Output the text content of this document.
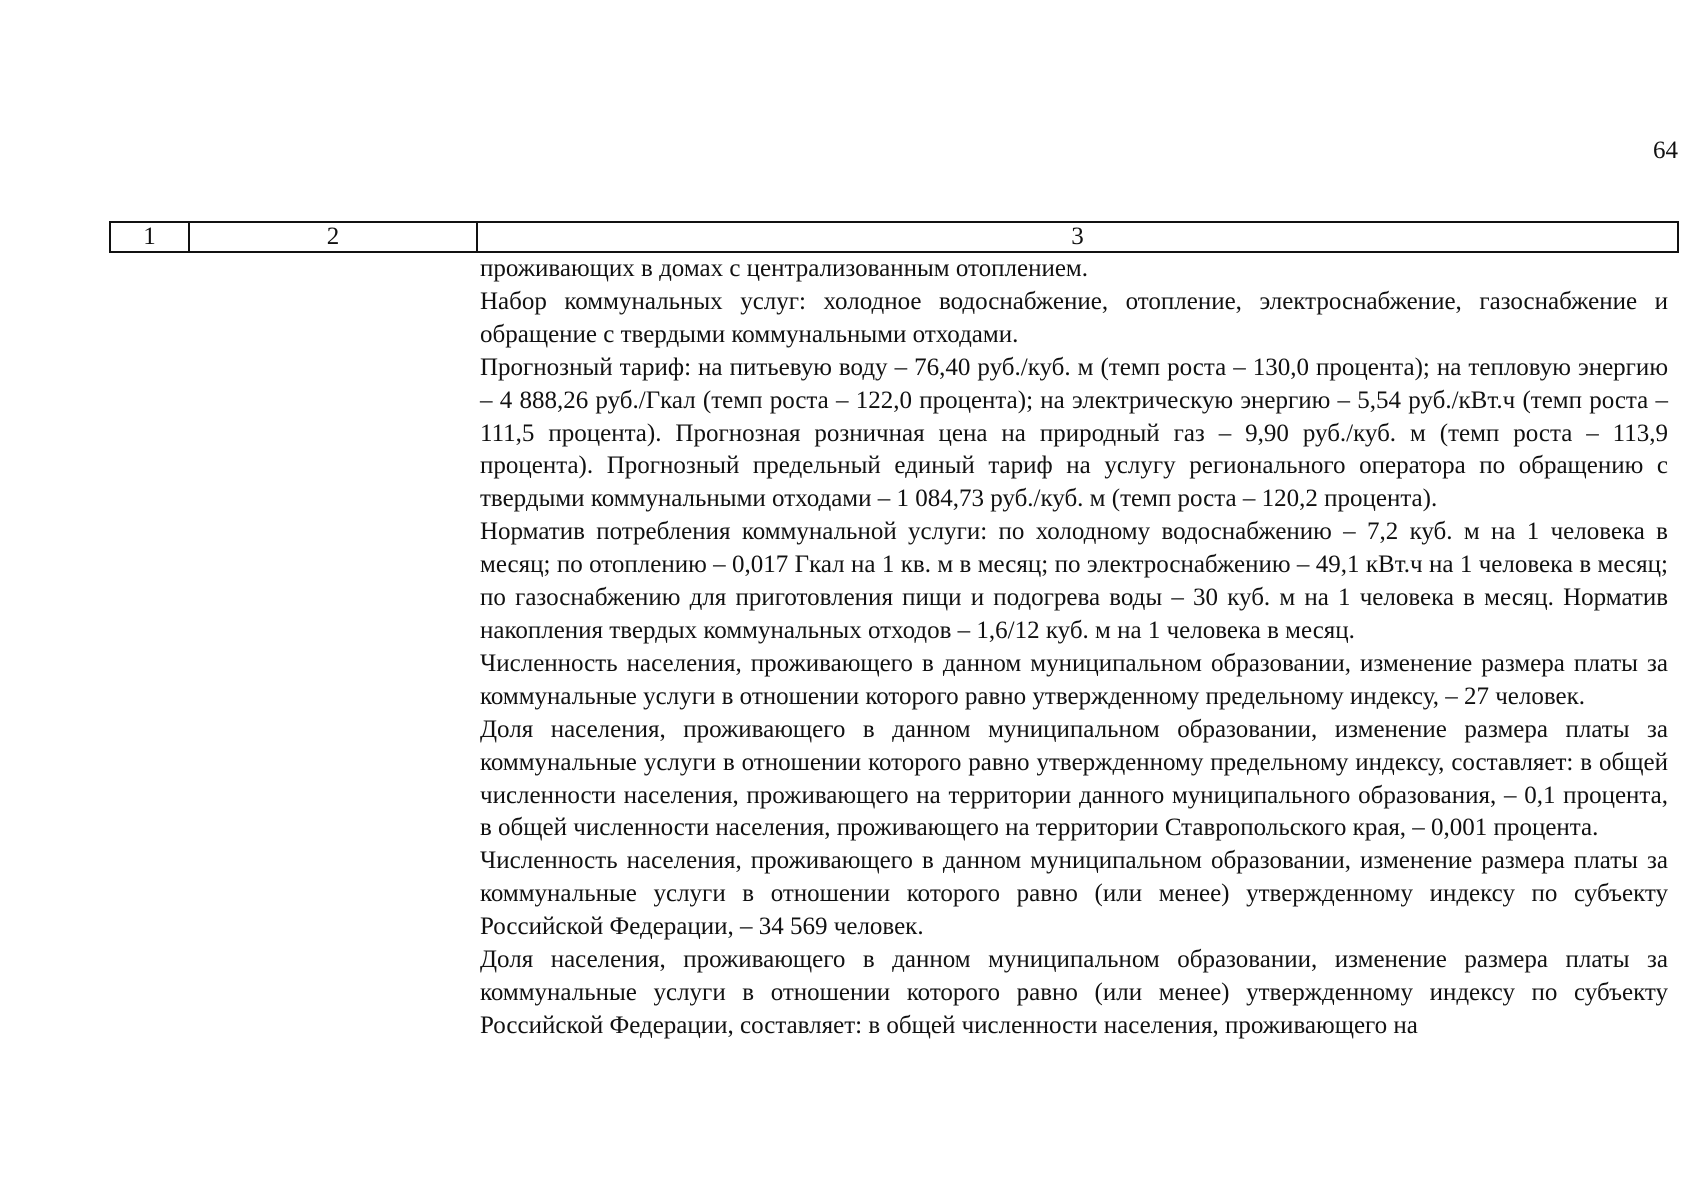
64
1	2	3

проживающих в домах с централизованным отоплением.

Набор коммунальных услуг: холодное водоснабжение, отопление, электроснабжение, газоснабжение и обращение с твердыми коммунальными отходами.

Прогнозный тариф: на питьевую воду – 76,40 руб./куб. м (темп роста – 130,0 процента); на тепловую энергию – 4 888,26 руб./Гкал (темп роста – 122,0 процента); на электрическую энергию – 5,54 руб./кВт.ч (темп роста – 111,5 процента). Прогнозная розничная цена на природный газ – 9,90 руб./куб. м (темп роста – 113,9 процента). Прогнозный предельный единый тариф на услугу регионального оператора по обращению с твердыми коммунальными отходами – 1 084,73 руб./куб. м (темп роста – 120,2 процента).

Норматив потребления коммунальной услуги: по холодному водоснабжению – 7,2 куб. м на 1 человека в месяц; по отоплению – 0,017 Гкал на 1 кв. м в месяц; по электроснабжению – 49,1 кВт.ч на 1 человека в месяц; по газоснабжению для приготовления пищи и подогрева воды – 30 куб. м на 1 человека в месяц. Норматив накопления твердых коммунальных отходов – 1,6/12 куб. м на 1 человека в месяц.

Численность населения, проживающего в данном муниципальном образовании, изменение размера платы за коммунальные услуги в отношении которого равно утвержденному предельному индексу, – 27 человек.

Доля населения, проживающего в данном муниципальном образовании, изменение размера платы за коммунальные услуги в отношении которого равно утвержденному предельному индексу, составляет: в общей численности населения, проживающего на территории данного муниципального образования, – 0,1 процента, в общей численности населения, проживающего на территории Ставропольского края, – 0,001 процента.

Численность населения, проживающего в данном муниципальном образовании, изменение размера платы за коммунальные услуги в отношении которого равно (или менее) утвержденному индексу по субъекту Российской Федерации, – 34 569 человек.

Доля населения, проживающего в данном муниципальном образовании, изменение размера платы за коммунальные услуги в отношении которого равно (или менее) утвержденному индексу по субъекту Российской Федерации, составляет: в общей численности населения, проживающего на
